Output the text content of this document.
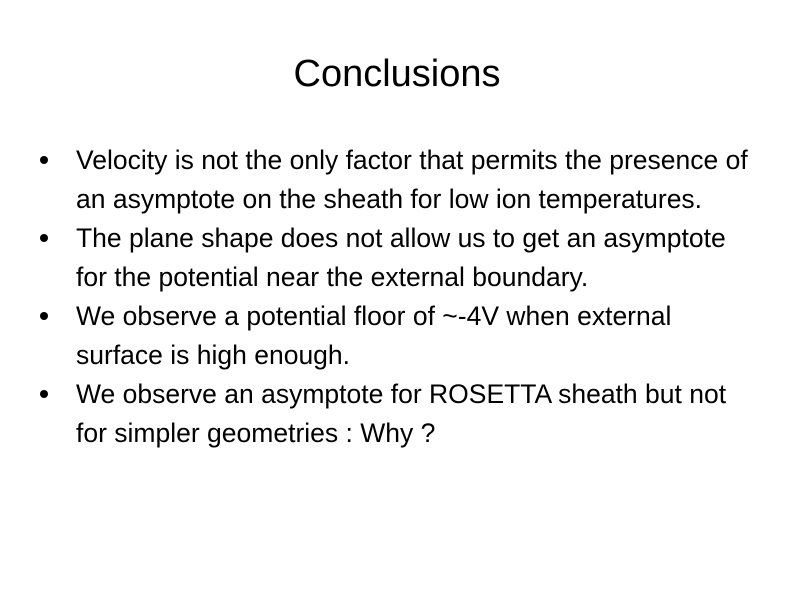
Conclusions
Velocity is not the only factor that permits the presence of an asymptote on the sheath for low ion temperatures.
The plane shape does not allow us to get an asymptote for the potential near the external boundary.
We observe a potential floor of ~-4V when external surface is high enough.
We observe an asymptote for ROSETTA sheath but not for simpler geometries : Why ?
